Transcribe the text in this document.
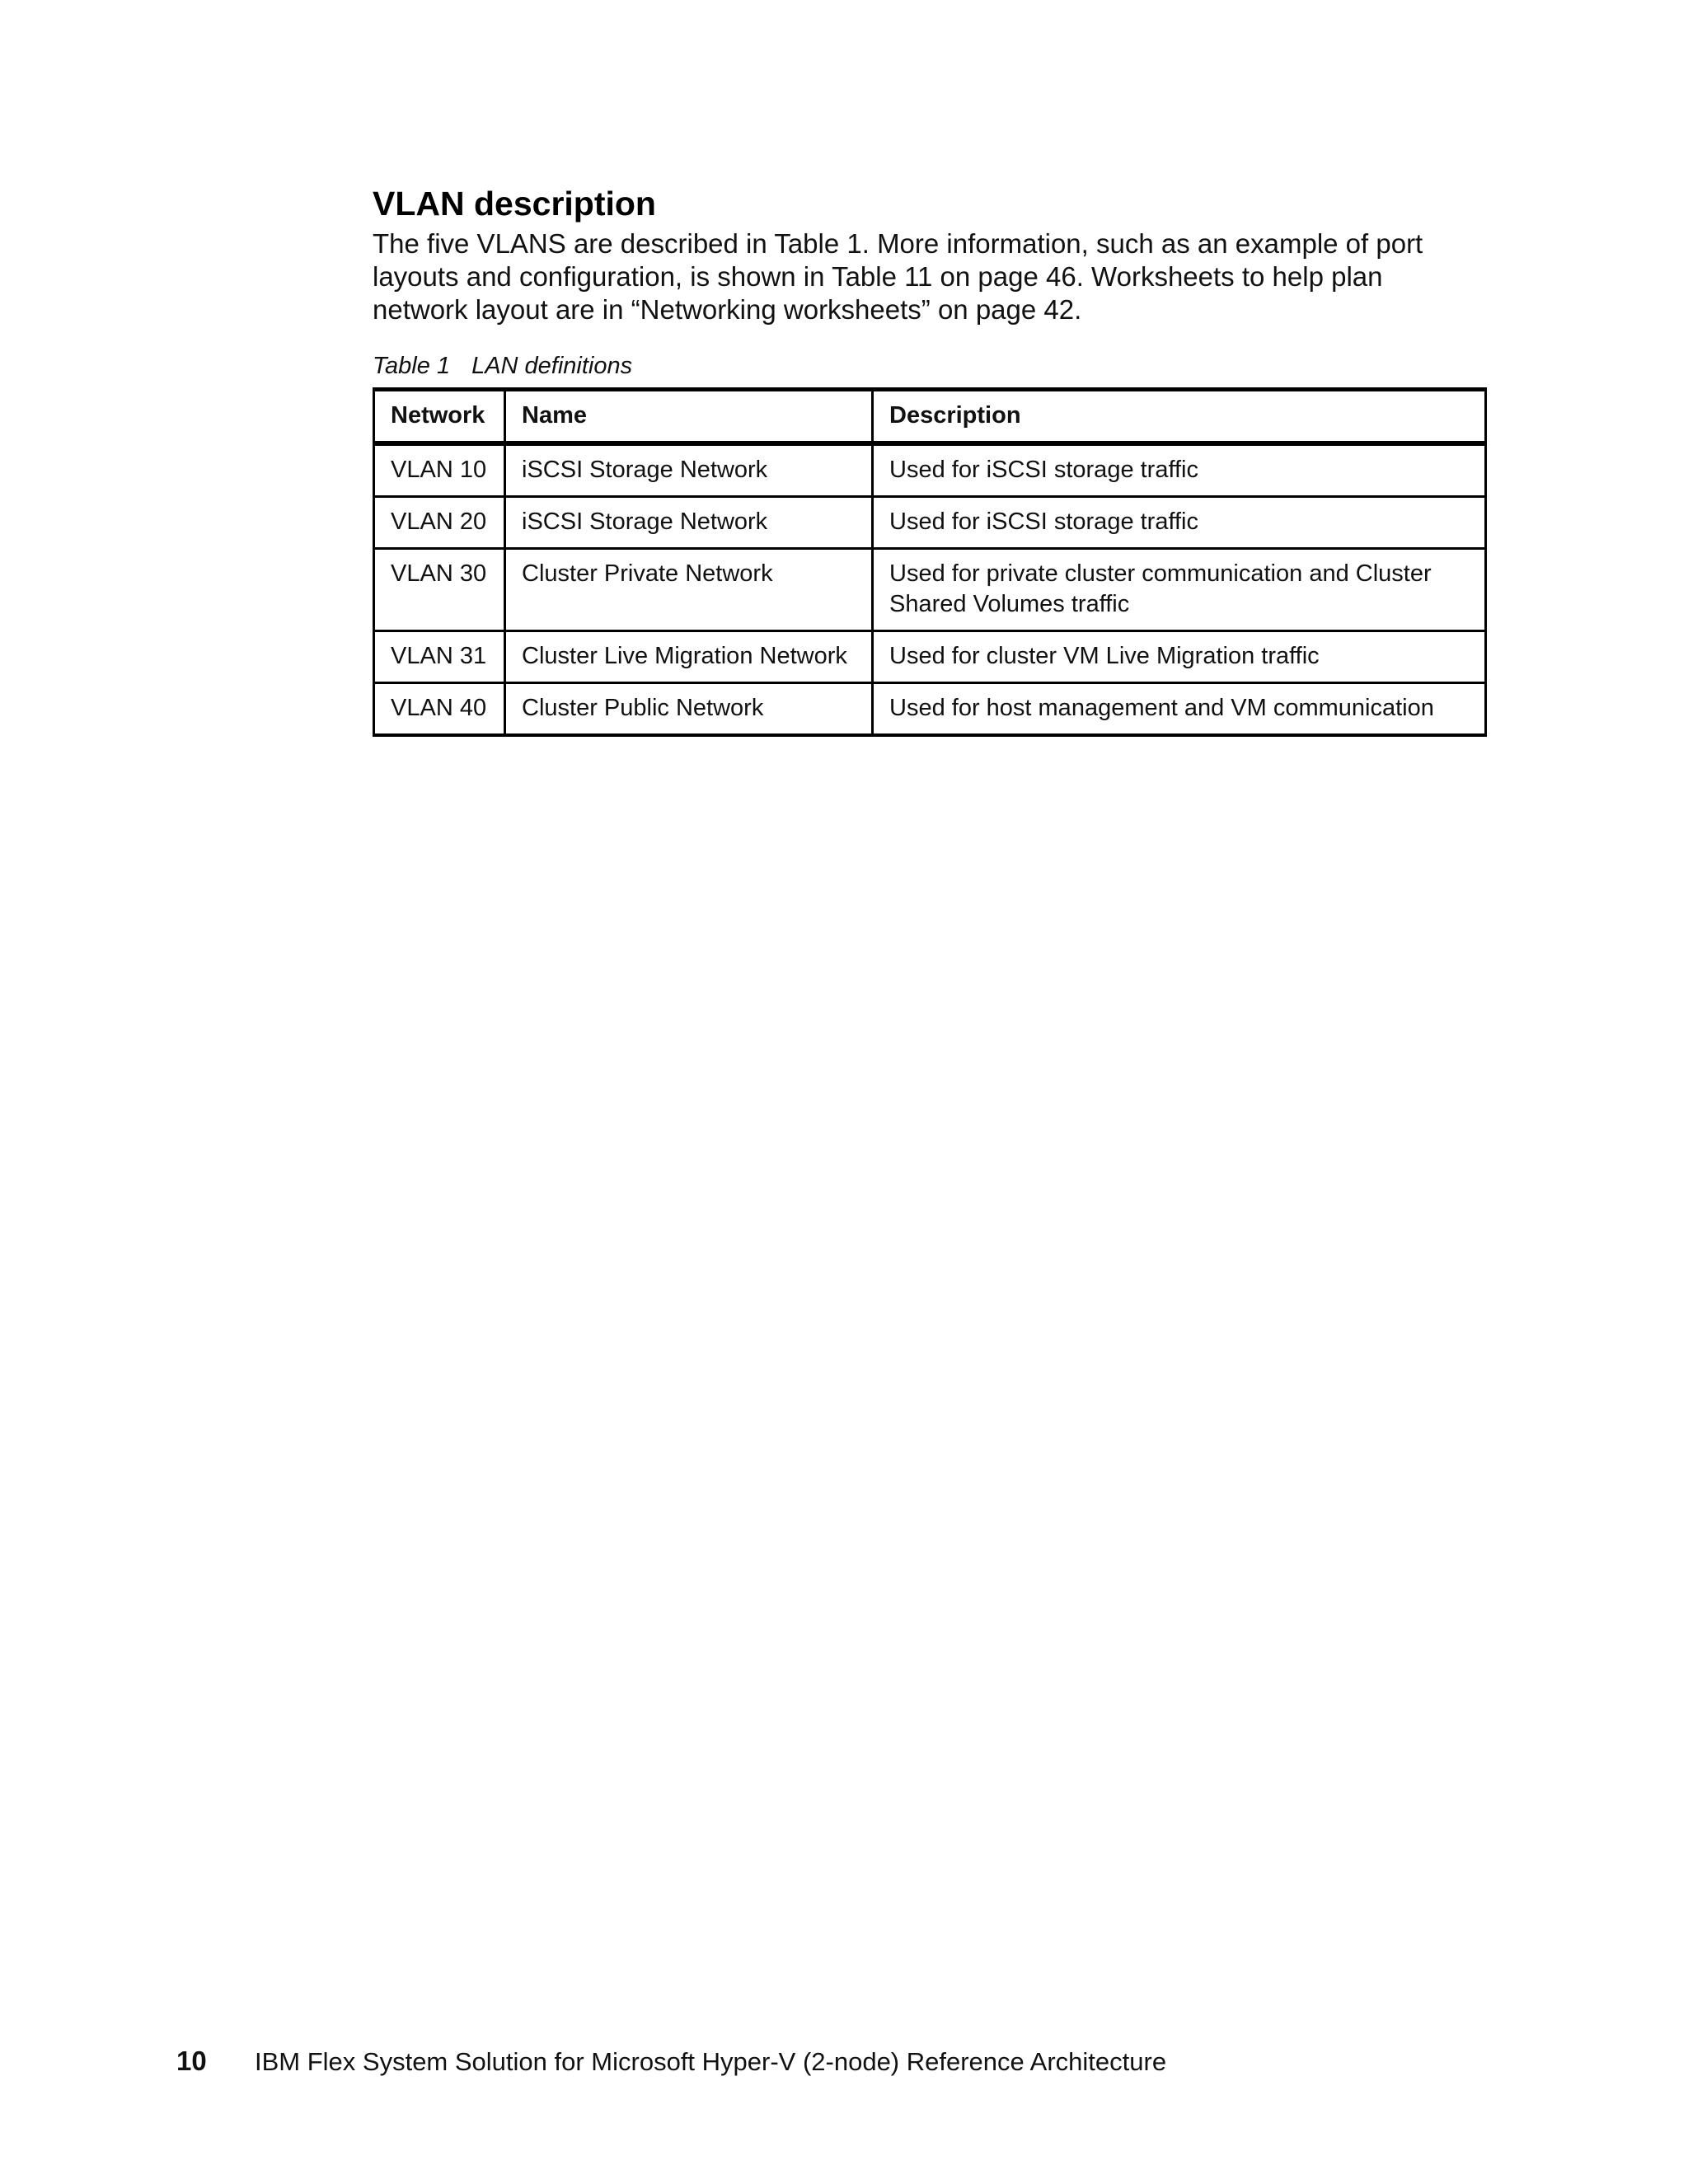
VLAN description

The five VLANS are described in Table 1. More information, such as an example of port layouts and configuration, is shown in Table 11 on page 46. Worksheets to help plan network layout are in “Networking worksheets” on page 42.

Table 1 LAN definitions
Network	Name	Description
VLAN 10	iSCSI Storage Network	Used for iSCSI storage traffic
VLAN 20	iSCSI Storage Network	Used for iSCSI storage traffic
VLAN 30	Cluster Private Network	Used for private cluster communication and Cluster Shared Volumes traffic
VLAN 31	Cluster Live Migration Network	Used for cluster VM Live Migration traffic
VLAN 40	Cluster Public Network	Used for host management and VM communication
10 IBM Flex System Solution for Microsoft Hyper-V (2-node) Reference Architecture
